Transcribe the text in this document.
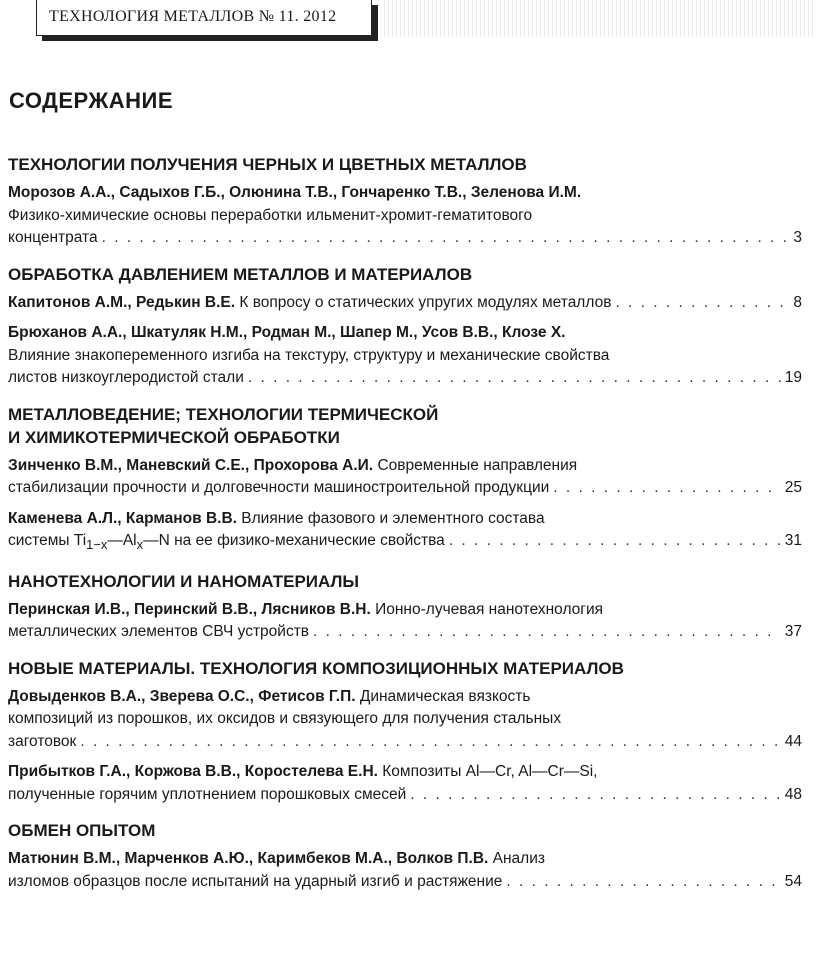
ТЕХНОЛОГИЯ МЕТАЛЛОВ № 11. 2012
СОДЕРЖАНИЕ
ТЕХНОЛОГИИ ПОЛУЧЕНИЯ ЧЕРНЫХ И ЦВЕТНЫХ МЕТАЛЛОВ
Морозов А.А., Садыхов Г.Б., Олюнина Т.В., Гончаренко Т.В., Зеленова И.М.
Физико-химические основы переработки ильменит-хромит-гематитового
концентрата . . .	3
ОБРАБОТКА ДАВЛЕНИЕМ МЕТАЛЛОВ И МАТЕРИАЛОВ
Капитонов А.М., Редькин В.Е. К вопросу о статических упругих модулях металлов . . .	8
Брюханов А.А., Шкатуляк Н.М., Родман М., Шапер М., Усов В.В., Клозе Х.
Влияние знакопеременного изгиба на текстуру, структуру и механические свойства
листов низкоуглеродистой стали . . .	19
МЕТАЛЛОВЕДЕНИЕ; ТЕХНОЛОГИИ ТЕРМИЧЕСКОЙ
И ХИМИКОТЕРМИЧЕСКОЙ ОБРАБОТКИ
Зинченко В.М., Маневский С.Е., Прохорова А.И. Современные направления
стабилизации прочности и долговечности машиностроительной продукции . . .	25
Каменева А.Л., Карманов В.В. Влияние фазового и элементного состава
системы $Ti_{1-x}—Al_x—N$ на ее физико-механические свойства . . .	31
НАНОТЕХНОЛОГИИ И НАНОМАТЕРИАЛЫ
Перинская И.В., Перинский В.В., Лясников В.Н. Ионно-лучевая нанотехнология
металлических элементов СВЧ устройств . . .	37
НОВЫЕ МАТЕРИАЛЫ. ТЕХНОЛОГИЯ КОМПОЗИЦИОННЫХ МАТЕРИАЛОВ
Довыденков В.А., Зверева О.С., Фетисов Г.П. Динамическая вязкость
композиций из порошков, их оксидов и связующего для получения стальных
заготовок . . .	44
Прибытков Г.А., Коржова В.В., Коростелева Е.Н. Композиты Al—Cr, Al—Cr—Si,
полученные горячим уплотнением порошковых смесей . . .	48
ОБМЕН ОПЫТОМ
Матюнин В.М., Марченков А.Ю., Каримбеков М.А., Волков П.В. Анализ
изломов образцов после испытаний на ударный изгиб и растяжение . . .	54
